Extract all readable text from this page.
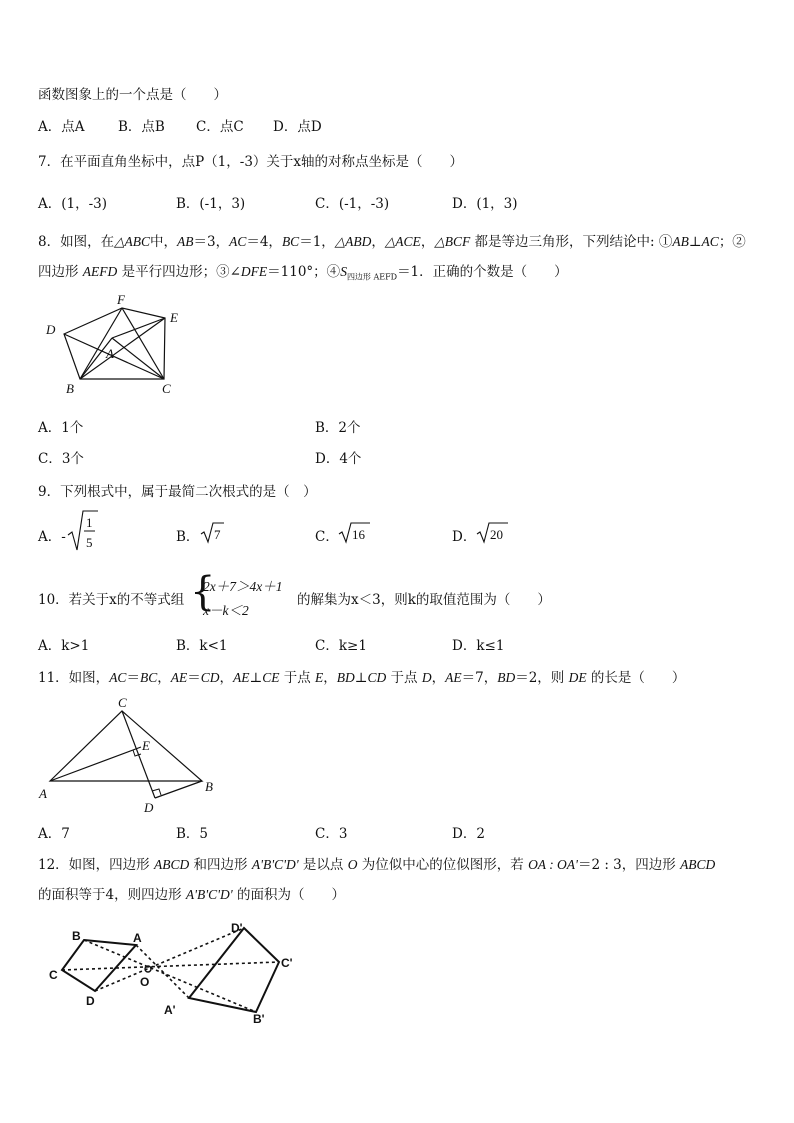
函数图象上的一个点是（　　）
A．点A B．点B C．点C D．点D
7．在平面直角坐标中，点P（1，-3）关于x轴的对称点坐标是（　　）
A．(1，-3)	B．(-1，3)	C．(-1，-3)	D．(1，3)
8．如图，在△ABC中，AB＝3，AC＝4，BC＝1，△ABD，△ACE，△BCF 都是等边三角形，下列结论中: ①AB⊥AC；②
四边形 AEFD 是平行四边形；③∠DFE＝110°；$④S_{四边形 AEFD}=1$．正确的个数是（　　）
F
D
E
A
B	C
A．1个	B．2个
C．3个	D．4个
9．下列根式中，属于最简二次根式的是（　）
A．-
1
5	B． 7	C． 16	D． 20
10．若关于x的不等式组 {
2x＋7＞4x＋1
x－k＜2
的解集为x＜3，则k的取值范围为（　　）
A．k>1	B．k<1	C．k≥1	D．k≤1
11．如图，AC＝BC，AE＝CD，AE⊥CE 于点 E，BD⊥CD 于点 D，AE＝7，BD＝2，则 DE 的长是（　　）
C
E
A	B
D
A．7	B．5	C．3	D．2
12．如图，四边形 ABCD 和四边形 A'B'C'D' 是以点 O 为位似中心的位似图形，若 OA : OA'＝2 : 3，四边形 ABCD
的面积等于4，则四边形 A'B'C'D' 的面积为（　　）
B	A
C	O
D
D'
C'
A'
B'
